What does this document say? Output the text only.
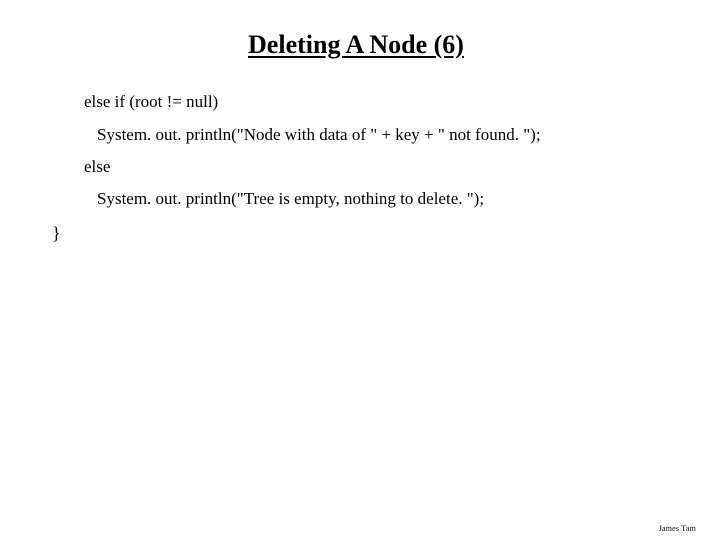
Deleting A Node (6)
else if (root != null)
System. out. println("Node with data of " + key + " not found. ");
else
System. out. println("Tree is empty, nothing to delete. ");
}
James Tam
